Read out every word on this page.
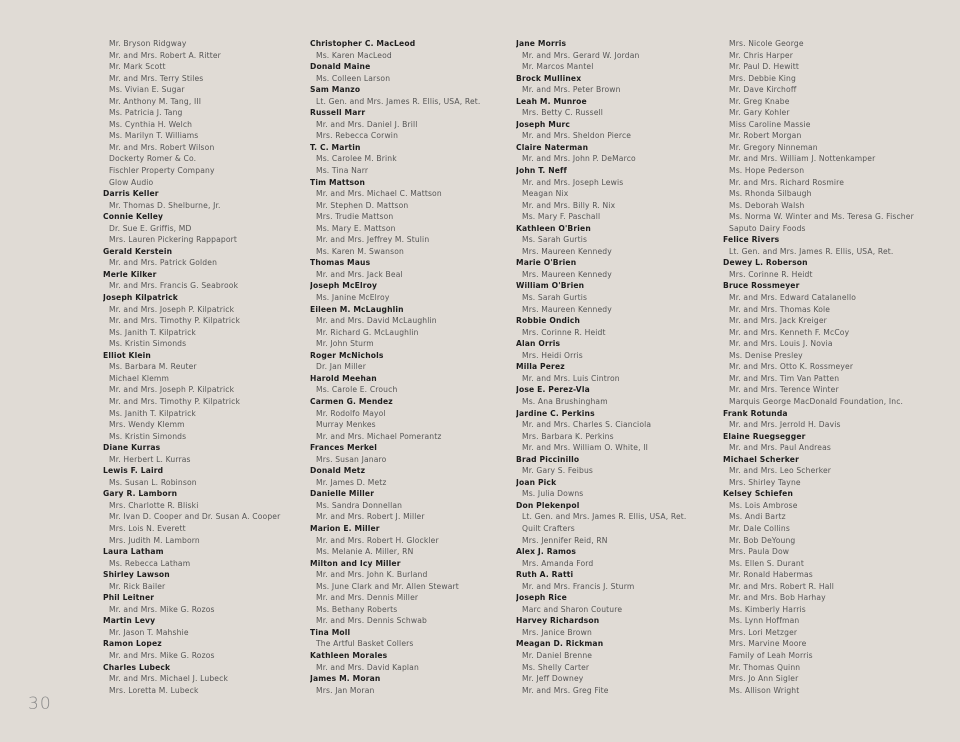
Mr. Bryson Ridgway
Mr. and Mrs. Robert A. Ritter
Mr. Mark Scott
Mr. and Mrs. Terry Stiles
Ms. Vivian E. Sugar
Mr. Anthony M. Tang, III
Ms. Patricia J. Tang
Ms. Cynthia H. Welch
Ms. Marilyn T. Williams
Mr. and Mrs. Robert Wilson
Dockerty Romer & Co.
Fischler Property Company
Glow Audio
Darris Keller
Mr. Thomas D. Shelburne, Jr.
Connie Kelley
Dr. Sue E. Griffis, MD
Mrs. Lauren Pickering Rappaport
Gerald Kerstein
Mr. and Mrs. Patrick Golden
Merle Kilker
Mr. and Mrs. Francis G. Seabrook
Joseph Kilpatrick
Mr. and Mrs. Joseph P. Kilpatrick
Mr. and Mrs. Timothy P. Kilpatrick
Ms. Janith T. Kilpatrick
Ms. Kristin Simonds
Elliot Klein
Ms. Barbara M. Reuter
Michael Klemm
Mr. and Mrs. Joseph P. Kilpatrick
Mr. and Mrs. Timothy P. Kilpatrick
Ms. Janith T. Kilpatrick
Mrs. Wendy Klemm
Ms. Kristin Simonds
Diane Kurras
Mr. Herbert L. Kurras
Lewis F. Laird
Ms. Susan L. Robinson
Gary R. Lamborn
Mrs. Charlotte R. Bliski
Mr. Ivan D. Cooper and Dr. Susan A. Cooper
Mrs. Lois N. Everett
Mrs. Judith M. Lamborn
Laura Latham
Ms. Rebecca Latham
Shirley Lawson
Mr. Rick Bailer
Phil Leitner
Mr. and Mrs. Mike G. Rozos
Martin Levy
Mr. Jason T. Mahshie
Ramon Lopez
Mr. and Mrs. Mike G. Rozos
Charles Lubeck
Mr. and Mrs. Michael J. Lubeck
Mrs. Loretta M. Lubeck
Christopher C. MacLeod
Ms. Karen MacLeod
Donald Maine
Ms. Colleen Larson
Sam Manzo
Lt. Gen. and Mrs. James R. Ellis, USA, Ret.
Russell Marr
Mr. and Mrs. Daniel J. Brill
Mrs. Rebecca Corwin
T. C. Martin
Ms. Carolee M. Brink
Ms. Tina Narr
Tim Mattson
Mr. and Mrs. Michael C. Mattson
Mr. Stephen D. Mattson
Mrs. Trudie Mattson
Ms. Mary E. Mattson
Mr. and Mrs. Jeffrey M. Stulin
Ms. Karen M. Swanson
Thomas Maus
Mr. and Mrs. Jack Beal
Joseph McElroy
Ms. Janine McElroy
Eileen M. McLaughlin
Mr. and Mrs. David McLaughlin
Mr. Richard G. McLaughlin
Mr. John Sturm
Roger McNichols
Dr. Jan Miller
Harold Meehan
Ms. Carole E. Crouch
Carmen G. Mendez
Mr. Rodolfo Mayol
Murray Menkes
Mr. and Mrs. Michael Pomerantz
Frances Merkel
Mrs. Susan Janaro
Donald Metz
Mr. James D. Metz
Danielle Miller
Ms. Sandra Donnellan
Mr. and Mrs. Robert J. Miller
Marion E. Miller
Mr. and Mrs. Robert H. Glockler
Ms. Melanie A. Miller, RN
Milton and Icy Miller
Mr. and Mrs. John K. Burland
Ms. June Clark and Mr. Allen Stewart
Mr. and Mrs. Dennis Miller
Ms. Bethany Roberts
Mr. and Mrs. Dennis Schwab
Tina Moll
The Artful Basket Collers
Kathleen Morales
Mr. and Mrs. David Kaplan
James M. Moran
Mrs. Jan Moran
Jane Morris
Mr. and Mrs. Gerard W. Jordan
Mr. Marcos Mantel
Brock Mullinex
Mr. and Mrs. Peter Brown
Leah M. Munroe
Mrs. Betty C. Russell
Joseph Murc
Mr. and Mrs. Sheldon Pierce
Claire Naterman
Mr. and Mrs. John P. DeMarco
John T. Neff
Mr. and Mrs. Joseph Lewis
Meagan Nix
Mr. and Mrs. Billy R. Nix
Ms. Mary F. Paschall
Kathleen O'Brien
Ms. Sarah Gurtis
Mrs. Maureen Kennedy
Marie O'Brien
Mrs. Maureen Kennedy
William O'Brien
Ms. Sarah Gurtis
Mrs. Maureen Kennedy
Robbie Ondich
Mrs. Corinne R. Heidt
Alan Orris
Mrs. Heidi Orris
Milla Perez
Mr. and Mrs. Luis Cintron
Jose E. Perez-Vla
Ms. Ana Brushingham
Jardine C. Perkins
Mr. and Mrs. Charles S. Cianciola
Mrs. Barbara K. Perkins
Mr. and Mrs. William O. White, II
Brad Piccinillo
Mr. Gary S. Feibus
Joan Pick
Ms. Julia Downs
Don Plekenpol
Lt. Gen. and Mrs. James R. Ellis, USA, Ret.
Quilt Crafters
Mrs. Jennifer Reid, RN
Alex J. Ramos
Mrs. Amanda Ford
Ruth A. Ratti
Mr. and Mrs. Francis J. Sturm
Joseph Rice
Marc and Sharon Couture
Harvey Richardson
Mrs. Janice Brown
Meagan D. Rickman
Mr. Daniel Brenne
Ms. Shelly Carter
Mr. Jeff Downey
Mr. and Mrs. Greg Fite
Mrs. Nicole George
Mr. Chris Harper
Mr. Paul D. Hewitt
Mrs. Debbie King
Mr. Dave Kirchoff
Mr. Greg Knabe
Mr. Gary Kohler
Miss Caroline Massie
Mr. Robert Morgan
Mr. Gregory Ninneman
Mr. and Mrs. William J. Nottenkamper
Ms. Hope Pederson
Mr. and Mrs. Richard Rosmire
Ms. Rhonda Silbaugh
Ms. Deborah Walsh
Ms. Norma W. Winter and Ms. Teresa G. Fischer
Saputo Dairy Foods
Felice Rivers
Lt. Gen. and Mrs. James R. Ellis, USA, Ret.
Dewey L. Roberson
Mrs. Corinne R. Heidt
Bruce Rossmeyer
Mr. and Mrs. Edward Catalanello
Mr. and Mrs. Thomas Kole
Mr. and Mrs. Jack Kreiger
Mr. and Mrs. Kenneth F. McCoy
Mr. and Mrs. Louis J. Novia
Ms. Denise Presley
Mr. and Mrs. Otto K. Rossmeyer
Mr. and Mrs. Tim Van Patten
Mr. and Mrs. Terence Winter
Marquis George MacDonald Foundation, Inc.
Frank Rotunda
Mr. and Mrs. Jerrold H. Davis
Elaine Ruegsegger
Mr. and Mrs. Paul Andreas
Michael Scherker
Mr. and Mrs. Leo Scherker
Mrs. Shirley Tayne
Kelsey Schiefen
Ms. Lois Ambrose
Ms. Andi Bartz
Mr. Dale Collins
Mr. Bob DeYoung
Mrs. Paula Dow
Ms. Ellen S. Durant
Mr. Ronald Habermas
Mr. and Mrs. Robert R. Hall
Mr. and Mrs. Bob Harhay
Ms. Kimberly Harris
Ms. Lynn Hoffman
Mrs. Lori Metzger
Mrs. Marvine Moore
Family of Leah Morris
Mr. Thomas Quinn
Mrs. Jo Ann Sigler
Ms. Allison Wright
30
